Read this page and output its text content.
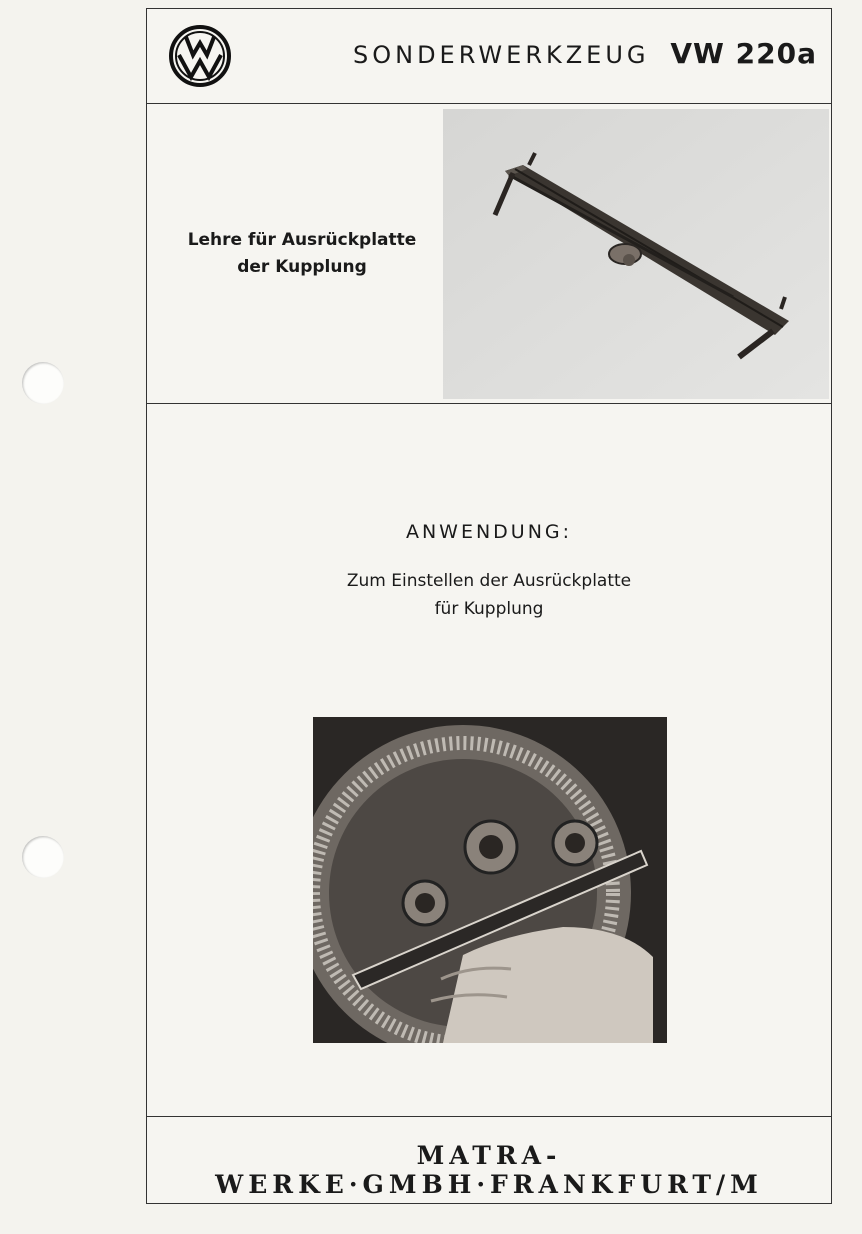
SONDERWERKZEUG VW 220a
Lehre für Ausrückplatte
der Kupplung
ANWENDUNG:
Zum Einstellen der Ausrückplatte
für Kupplung
MATRA-WERKE·GMBH·FRANKFURT/M
